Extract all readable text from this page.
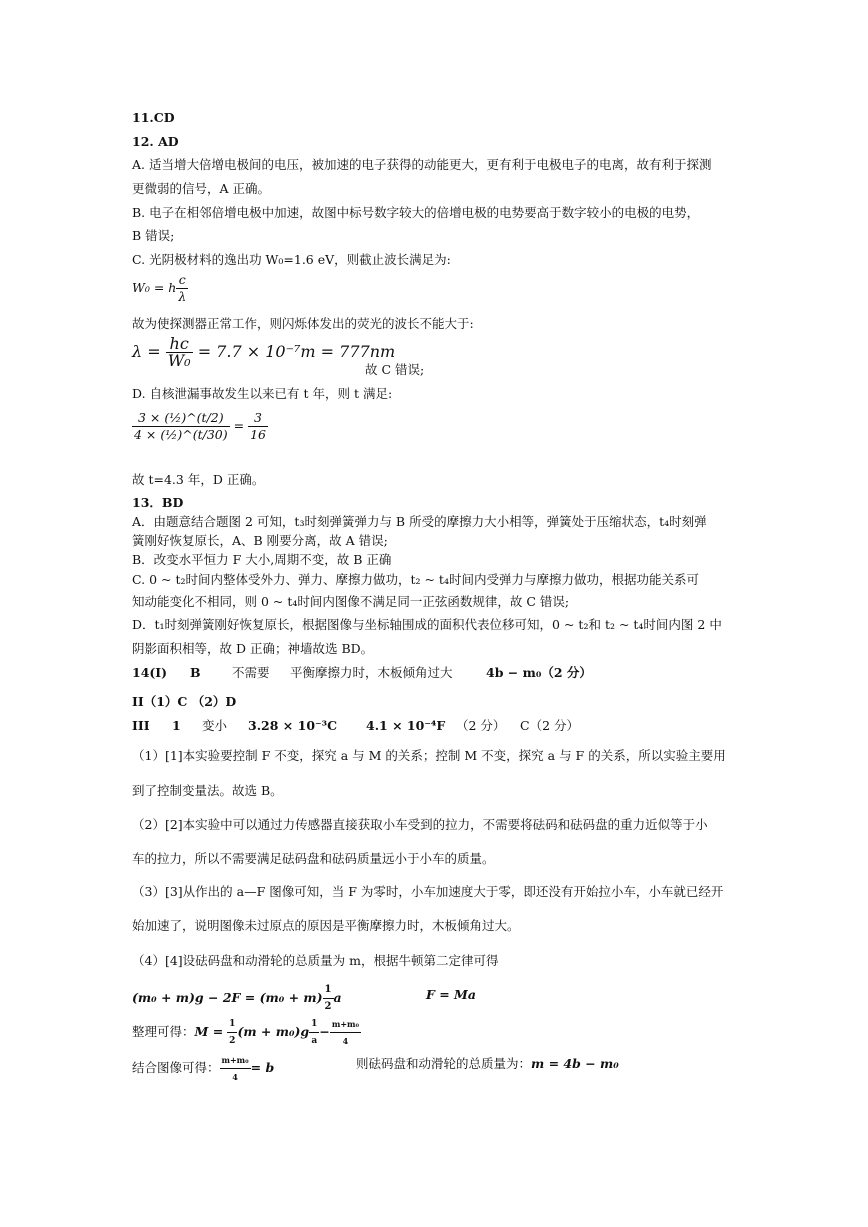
11.CD
12. AD
A. 适当增大倍增电极间的电压，被加速的电子获得的动能更大，更有利于电极电子的电离，故有利于探测
更微弱的信号，A 正确。
B. 电子在相邻倍增电极中加速，故图中标号数字较大的倍增电极的电势要高于数字较小的电极的电势，
B 错误;
C. 光阴极材料的逸出功 W₀=1.6 eV，则截止波长满足为:
W₀ = h $\frac{c}{\lambda}$
故为使探测器正常工作，则闪烁体发出的荧光的波长不能大于:
$\lambda = \frac{hc}{\text{W₀}} = 7.7 \times 10^{-7}m = 777nm$
故 C 错误;
D. 自核泄漏事故发生以来已有 t 年，则 t 满足:
$\frac{\text{3 × (½)\textasciicircum{}(t/2)}}{\text{4 × (½)\textasciicircum{}(t/30)}} = \frac{3}{16}$
故 t=4.3 年，D 正确。
13．BD
A．由题意结合题图 2 可知，t₃时刻弹簧弹力与 B 所受的摩擦力大小相等，弹簧处于压缩状态，t₄时刻弹
簧刚好恢复原长，A、B 刚要分离，故 A 错误;
B．改变水平恒力 F 大小,周期不变，故 B 正确
C. 0 ~ t₂时间内整体受外力、弹力、摩擦力做功，t₂ ~ t₄时间内受弹力与摩擦力做功，根据功能关系可
知动能变化不相同，则 0 ~ t₄时间内图像不满足同一正弦函数规律，故 C 错误;
D．t₁时刻弹簧刚好恢复原长，根据图像与坐标轴围成的面积代表位移可知，0 ~ t₂和 t₂ ~ t₄时间内图 2 中
阴影面积相等，故 D 正确；神墙故选 BD。
14(I) B	不需要 平衡摩擦力时，木板倾角过大	4b − m₀（2 分）
II（1）C （2）D
III 1 变小 3.28 × 10⁻³C 4.1 × 10⁻⁴F （2 分） C（2 分）
（1）[1]本实验要控制 F 不变，探究 a 与 M 的关系；控制 M 不变，探究 a 与 F 的关系，所以实验主要用
到了控制变量法。故选 B。
（2）[2]本实验中可以通过力传感器直接获取小车受到的拉力，不需要将砝码和砝码盘的重力近似等于小
车的拉力，所以不需要满足砝码盘和砝码质量远小于小车的质量。
（3）[3]从作出的 a—F 图像可知，当 F 为零时，小车加速度大于零，即还没有开始拉小车，小车就已经开
始加速了，说明图像未过原点的原因是平衡摩擦力时，木板倾角过大。
（4）[4]设砝码盘和动滑轮的总质量为 m，根据牛顿第二定律可得
$(m_0 + m)g - 2F = (m_0 + m) \frac{1}{2}$ a	F = Ma
整理可得：$M = \frac{1}{2} (m + m_0)g \frac{1}{a} - \frac{\text{m+m₀}}{4}$
结合图像可得： $\frac{\text{m+m₀}}{4} = b$	则砝码盘和动滑轮的总质量为：m = 4b − m₀
